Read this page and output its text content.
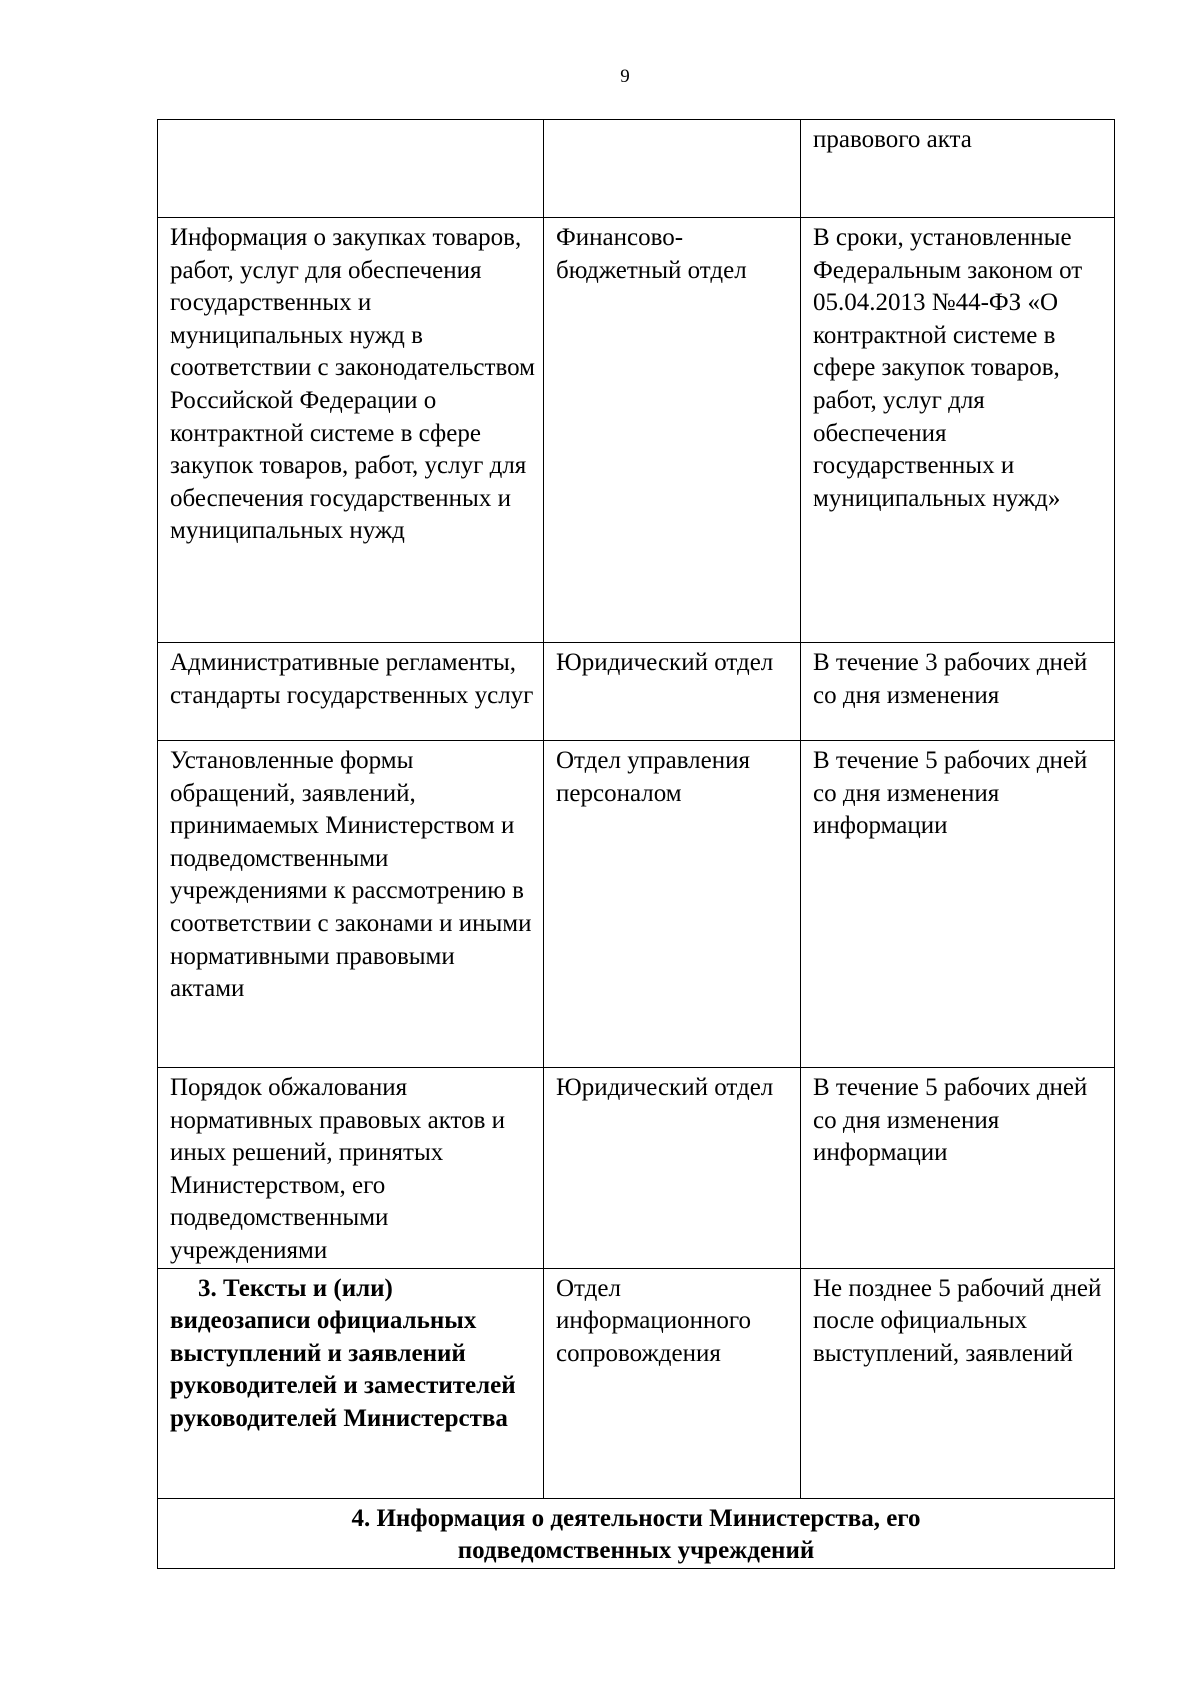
9
		правового акта
Информация о закупках товаров, работ, услуг для обеспечения государственных и муниципальных нужд в соответствии с законодательством Российской Федерации о контрактной системе в сфере закупок товаров, работ, услуг для обеспечения государственных и муниципальных нужд	Финансово-бюджетный отдел	В сроки, установленные Федеральным законом от 05.04.2013 №44-ФЗ «О контрактной системе в сфере закупок товаров, работ, услуг для обеспечения государственных и муниципальных нужд»
Административные регламенты, стандарты государственных услуг	Юридический отдел	В течение 3 рабочих дней со дня изменения
Установленные формы обращений, заявлений, принимаемых Министерством и подведомственными учреждениями к рассмотрению в соответствии с законами и иными нормативными правовыми актами	Отдел управления персоналом	В течение 5 рабочих дней со дня изменения информации
Порядок обжалования нормативных правовых актов и иных решений, принятых Министерством, его подведомственными учреждениями	Юридический отдел	В течение 5 рабочих дней со дня изменения информации
3. Тексты и (или) видеозаписи официальных выступлений и заявлений руководителей и заместителей руководителей Министерства	Отдел информационного сопровождения	Не позднее 5 рабочий дней после официальных выступлений, заявлений
4. Информация о деятельности Министерства, его подведомственных учреждений		
